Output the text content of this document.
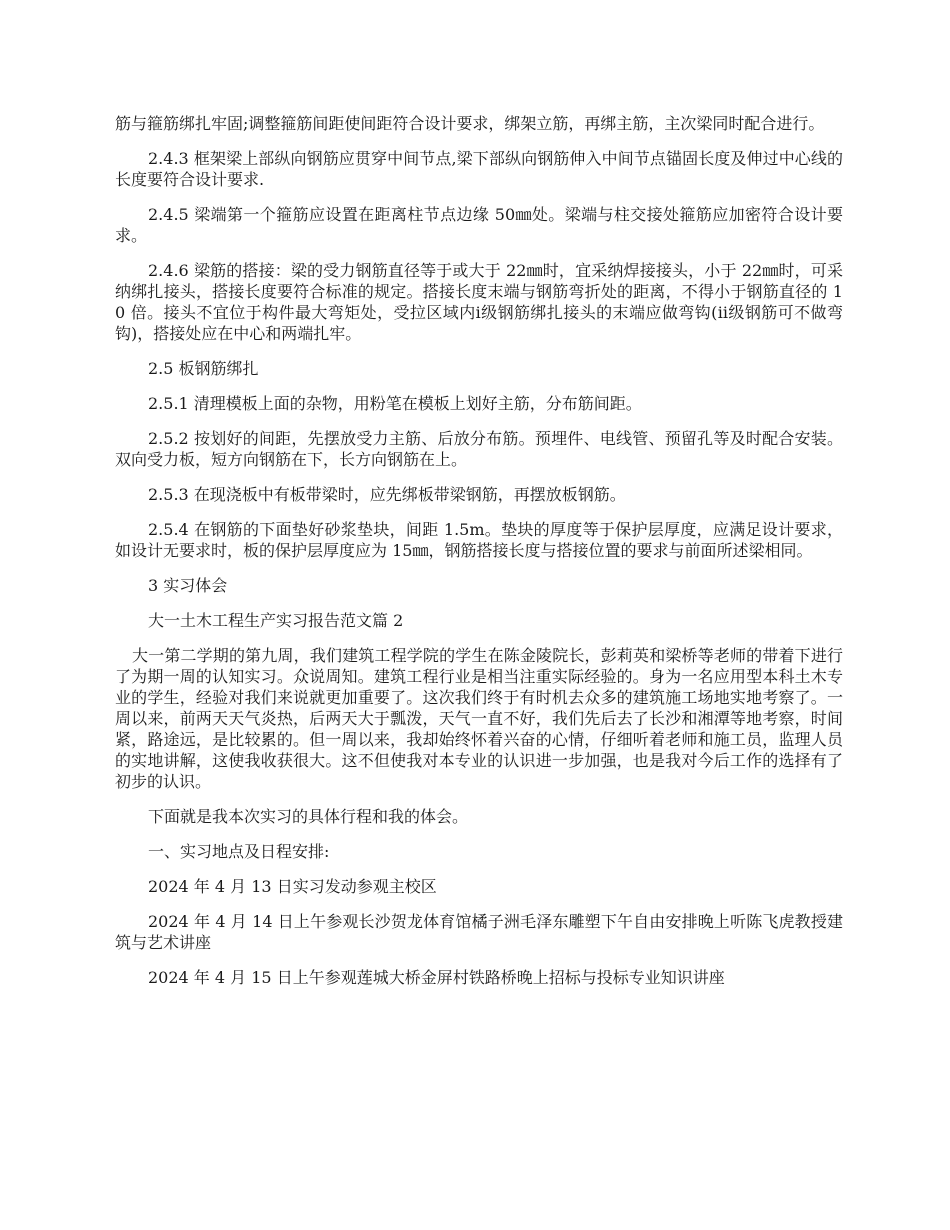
筋与箍筋绑扎牢固;调整箍筋间距使间距符合设计要求，绑架立筋，再绑主筋，主次梁同时配合进行。

2.4.3 框架梁上部纵向钢筋应贯穿中间节点,梁下部纵向钢筋伸入中间节点锚固长度及伸过中心线的长度要符合设计要求.

2.4.5 梁端第一个箍筋应设置在距离柱节点边缘 50㎜处。梁端与柱交接处箍筋应加密符合设计要求。

2.4.6 梁筋的搭接：梁的受力钢筋直径等于或大于 22㎜时，宜采纳焊接接头，小于 22㎜时，可采纳绑扎接头，搭接长度要符合标准的规定。搭接长度末端与钢筋弯折处的距离，不得小于钢筋直径的 10 倍。接头不宜位于构件最大弯矩处，受拉区域内ⅰ级钢筋绑扎接头的末端应做弯钩(ⅱ级钢筋可不做弯钩)，搭接处应在中心和两端扎牢。

2.5 板钢筋绑扎

2.5.1 清理模板上面的杂物，用粉笔在模板上划好主筋，分布筋间距。

2.5.2 按划好的间距，先摆放受力主筋、后放分布筋。预埋件、电线管、预留孔等及时配合安装。双向受力板，短方向钢筋在下，长方向钢筋在上。

2.5.3 在现浇板中有板带梁时，应先绑板带梁钢筋，再摆放板钢筋。

2.5.4 在钢筋的下面垫好砂浆垫块，间距 1.5m。垫块的厚度等于保护层厚度，应满足设计要求，如设计无要求时，板的保护层厚度应为 15㎜，钢筋搭接长度与搭接位置的要求与前面所述梁相同。

3 实习体会

大一土木工程生产实习报告范文篇 2

大一第二学期的第九周，我们建筑工程学院的学生在陈金陵院长，彭莉英和梁桥等老师的带着下进行了为期一周的认知实习。众说周知。建筑工程行业是相当注重实际经验的。身为一名应用型本科土木专业的学生，经验对我们来说就更加重要了。这次我们终于有时机去众多的建筑施工场地实地考察了。一周以来，前两天天气炎热，后两天大于瓢泼，天气一直不好，我们先后去了长沙和湘潭等地考察，时间紧，路途远，是比较累的。但一周以来，我却始终怀着兴奋的心情，仔细听着老师和施工员，监理人员的实地讲解，这使我收获很大。这不但使我对本专业的认识进一步加强，也是我对今后工作的选择有了初步的认识。

下面就是我本次实习的具体行程和我的体会。

一、实习地点及日程安排:

2024 年 4 月 13 日实习发动参观主校区

2024 年 4 月 14 日上午参观长沙贺龙体育馆橘子洲毛泽东雕塑下午自由安排晚上听陈飞虎教授建筑与艺术讲座

2024 年 4 月 15 日上午参观莲城大桥金屏村铁路桥晚上招标与投标专业知识讲座
